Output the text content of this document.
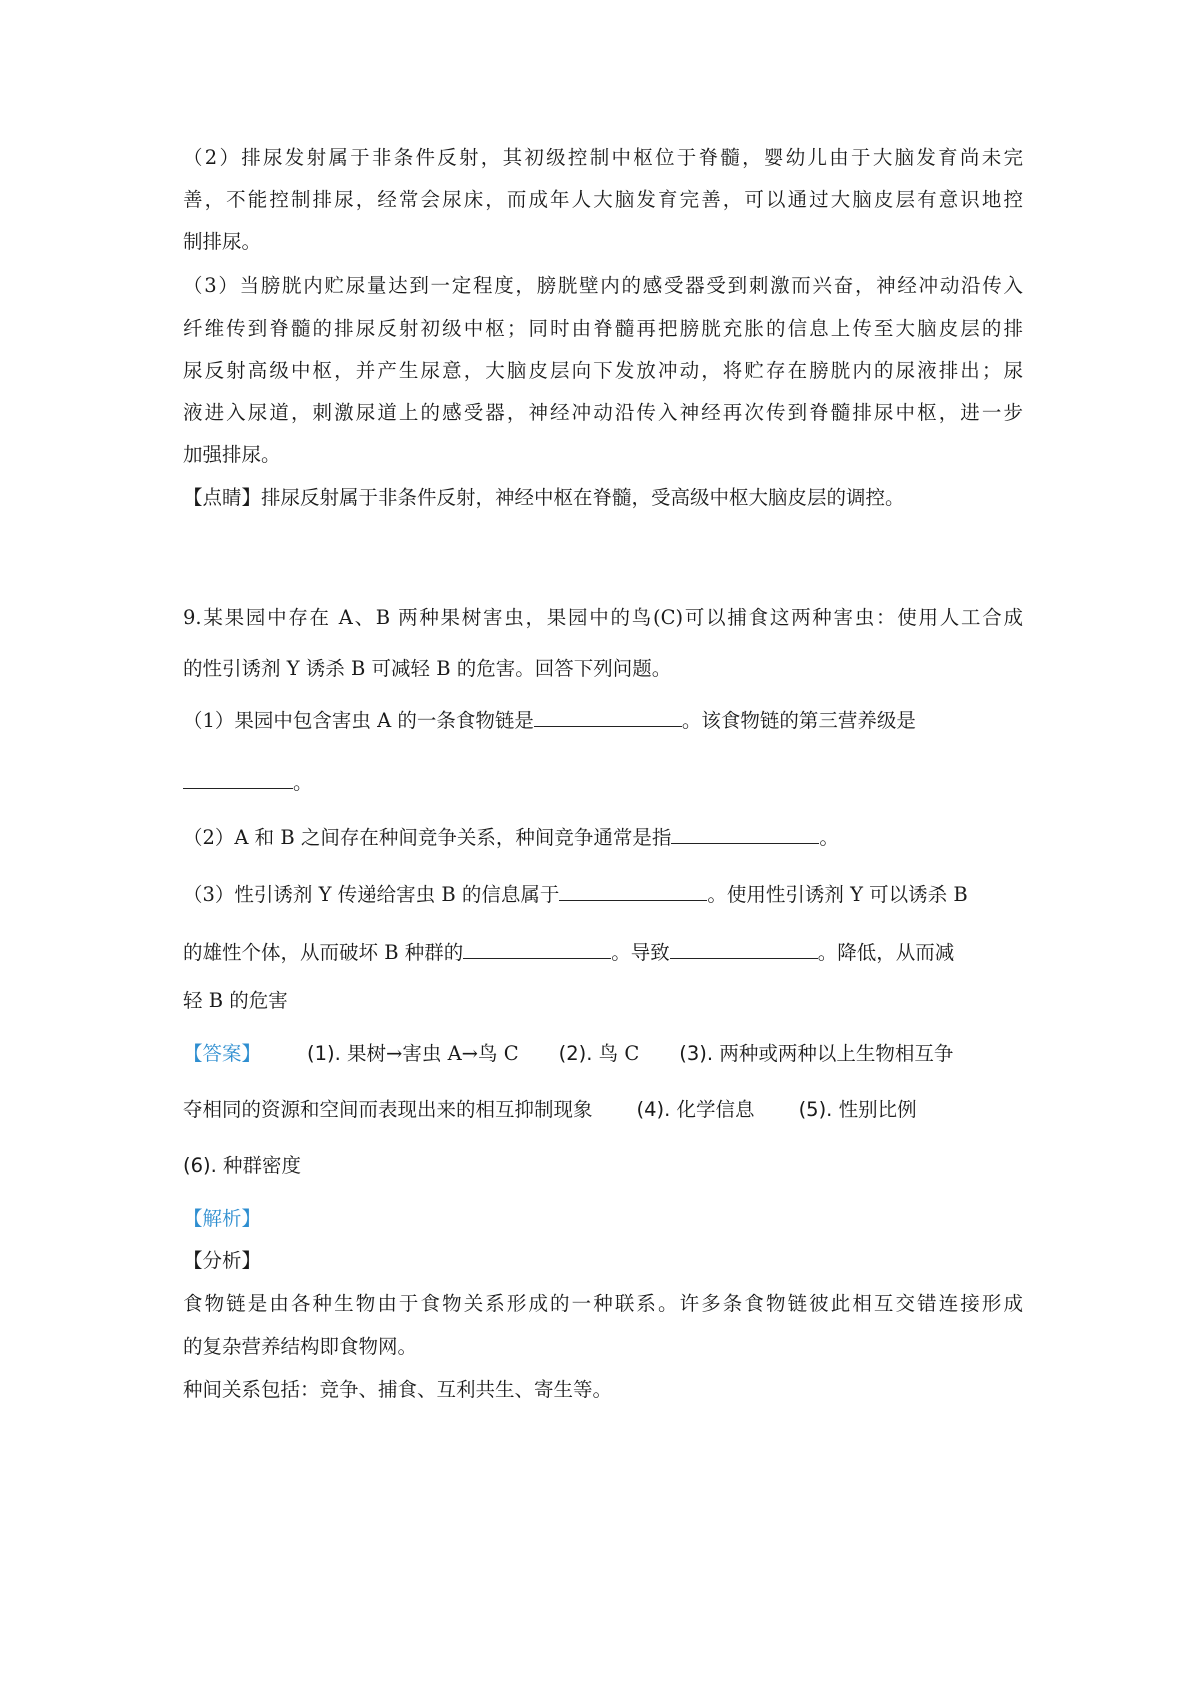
（2）排尿发射属于非条件反射，其初级控制中枢位于脊髓，婴幼儿由于大脑发育尚未完
善，不能控制排尿，经常会尿床，而成年人大脑发育完善，可以通过大脑皮层有意识地控
制排尿。
（3）当膀胱内贮尿量达到一定程度，膀胱壁内的感受器受到刺激而兴奋，神经冲动沿传入
纤维传到脊髓的排尿反射初级中枢；同时由脊髓再把膀胱充胀的信息上传至大脑皮层的排
尿反射高级中枢，并产生尿意，大脑皮层向下发放冲动，将贮存在膀胱内的尿液排出；尿
液进入尿道，刺激尿道上的感受器，神经冲动沿传入神经再次传到脊髓排尿中枢，进一步
加强排尿。
【点睛】排尿反射属于非条件反射，神经中枢在脊髓，受高级中枢大脑皮层的调控。
9.某果园中存在 A、B 两种果树害虫，果园中的鸟(C)可以捕食这两种害虫：使用人工合成
的性引诱剂 Y 诱杀 B 可减轻 B 的危害。回答下列问题。
（1）果园中包含害虫 A 的一条食物链是	。该食物链的第三营养级是
。
（2）A 和 B 之间存在种间竞争关系，种间竞争通常是指	。
（3）性引诱剂 Y 传递给害虫 B 的信息属于	。使用性引诱剂 Y 可以诱杀 B
的雄性个体，从而破坏 B 种群的	。导致	。降低，从而减
轻 B 的危害
【答案】 (1). 果树→害虫 A→鸟 C (2). 鸟 C (3). 两种或两种以上生物相互争
夺相同的资源和空间而表现出来的相互抑制现象 (4). 化学信息 (5). 性别比例
(6). 种群密度
【解析】
【分析】
食物链是由各种生物由于食物关系形成的一种联系。许多条食物链彼此相互交错连接形成
的复杂营养结构即食物网。
种间关系包括：竞争、捕食、互利共生、寄生等。
